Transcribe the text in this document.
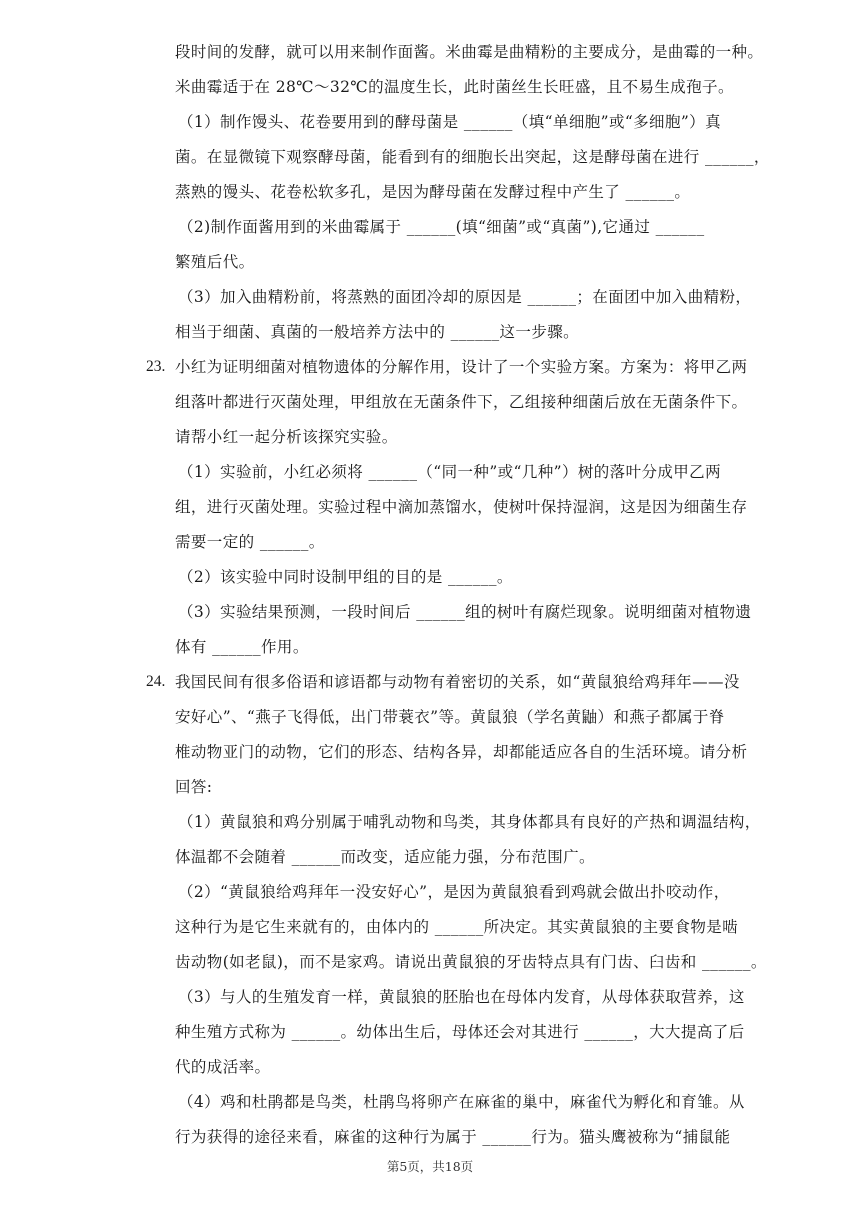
段时间的发酵，就可以用来制作面酱。米曲霉是曲精粉的主要成分，是曲霉的一种。
米曲霉适于在 28℃～32℃的温度生长，此时菌丝生长旺盛，且不易生成孢子。
（1）制作馒头、花卷要用到的酵母菌是 ______（填“单细胞”或“多细胞”）真
菌。在显微镜下观察酵母菌，能看到有的细胞长出突起，这是酵母菌在进行 ______，
蒸熟的馒头、花卷松软多孔，是因为酵母菌在发酵过程中产生了 ______。
（2)制作面酱用到的米曲霉属于 ______(填“细菌”或“真菌”),它通过 ______
繁殖后代。
（3）加入曲精粉前，将蒸熟的面团冷却的原因是 ______；在面团中加入曲精粉，
相当于细菌、真菌的一般培养方法中的 ______这一步骤。
23. 小红为证明细菌对植物遗体的分解作用，设计了一个实验方案。方案为：将甲乙两
组落叶都进行灭菌处理，甲组放在无菌条件下，乙组接种细菌后放在无菌条件下。
请帮小红一起分析该探究实验。
（1）实验前，小红必须将 ______（“同一种”或“几种”）树的落叶分成甲乙两
组，进行灭菌处理。实验过程中滴加蒸馏水，使树叶保持湿润，这是因为细菌生存
需要一定的 ______。
（2）该实验中同时设制甲组的目的是 ______。
（3）实验结果预测，一段时间后 ______组的树叶有腐烂现象。说明细菌对植物遗
体有 ______作用。
24. 我国民间有很多俗语和谚语都与动物有着密切的关系，如“黄鼠狼给鸡拜年——没
安好心”、“燕子飞得低，出门带蓑衣”等。黄鼠狼（学名黄鼬）和燕子都属于脊
椎动物亚门的动物，它们的形态、结构各异，却都能适应各自的生活环境。请分析
回答:
（1）黄鼠狼和鸡分别属于哺乳动物和鸟类，其身体都具有良好的产热和调温结构，
体温都不会随着 ______而改变，适应能力强，分布范围广。
（2）“黄鼠狼给鸡拜年一没安好心”，是因为黄鼠狼看到鸡就会做出扑咬动作，
这种行为是它生来就有的，由体内的 ______所决定。其实黄鼠狼的主要食物是啮
齿动物(如老鼠)，而不是家鸡。请说出黄鼠狼的牙齿特点具有门齿、臼齿和 ______。
（3）与人的生殖发育一样，黄鼠狼的胚胎也在母体内发育，从母体获取营养，这
种生殖方式称为 ______。幼体出生后，母体还会对其进行 ______，大大提高了后
代的成活率。
（4）鸡和杜鹃都是鸟类，杜鹃鸟将卵产在麻雀的巢中，麻雀代为孵化和育雏。从
行为获得的途径来看，麻雀的这种行为属于 ______行为。猫头鹰被称为“捕鼠能
第5页，共18页
